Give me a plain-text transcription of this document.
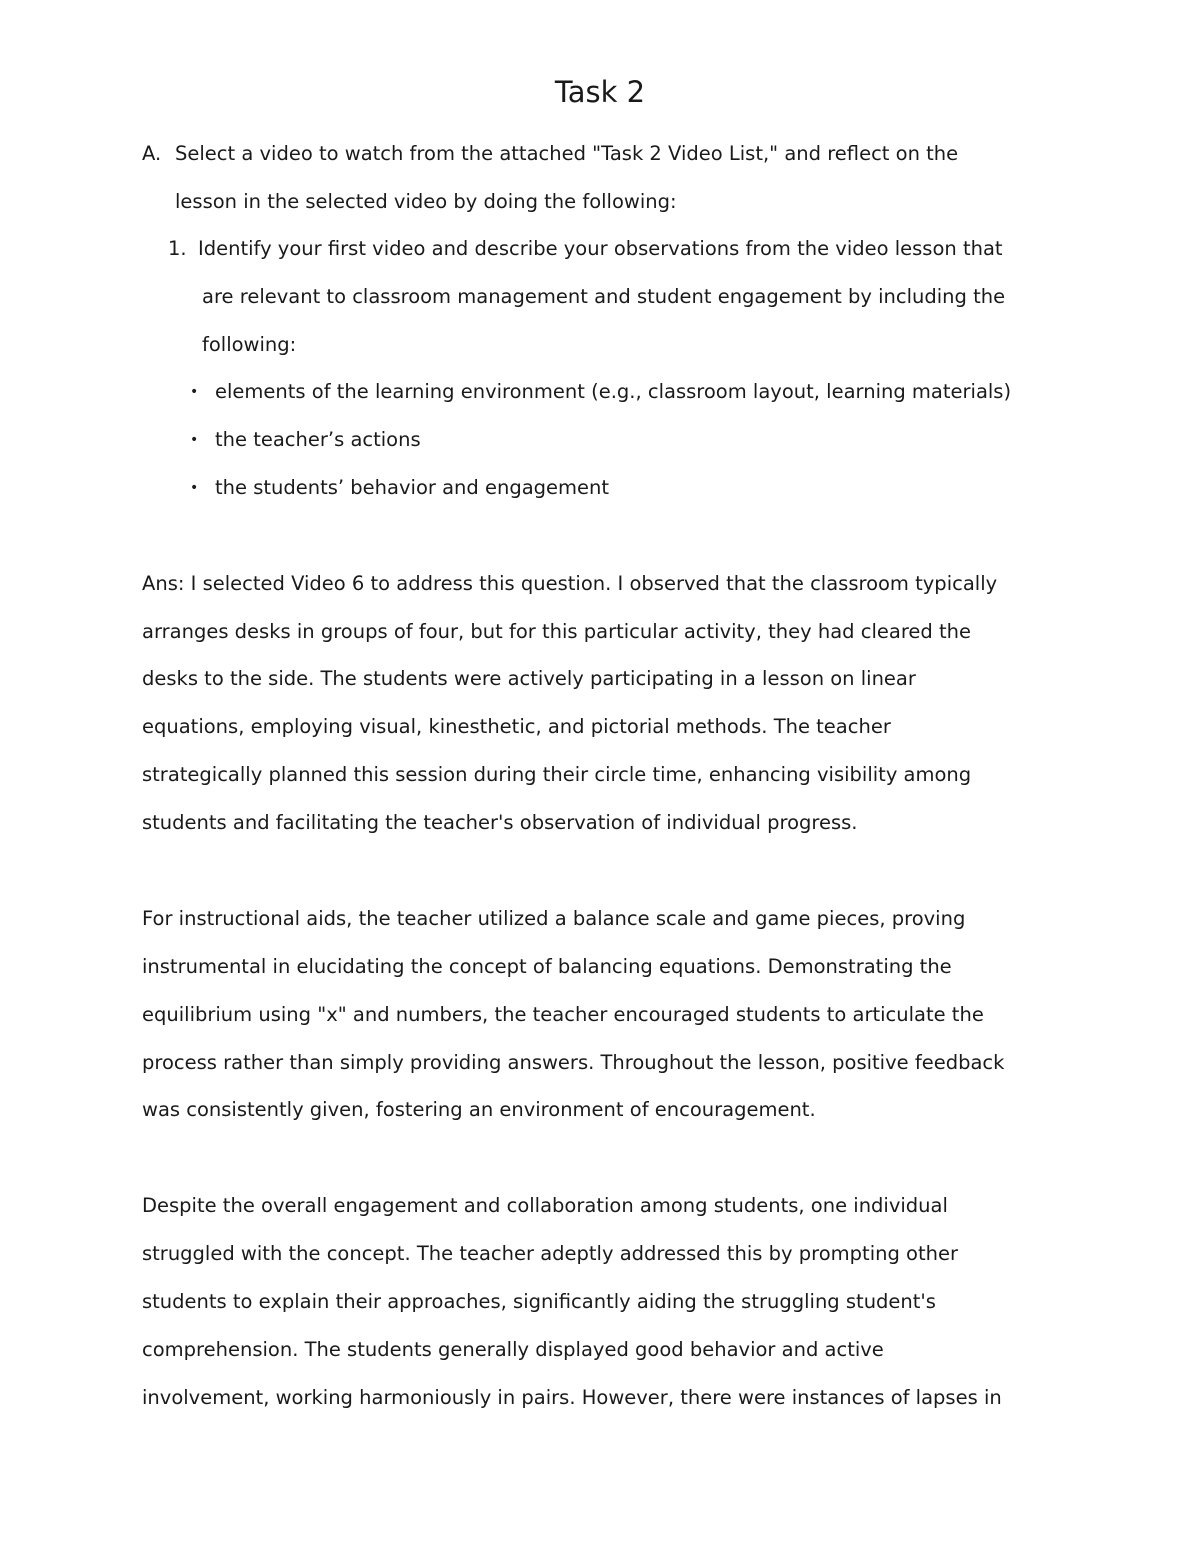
Task 2
A. Select a video to watch from the attached "Task 2 Video List," and reflect on the
lesson in the selected video by doing the following:
1. Identify your first video and describe your observations from the video lesson that
are relevant to classroom management and student engagement by including the
following:
• elements of the learning environment (e.g., classroom layout, learning materials)
• the teacher’s actions
• the students’ behavior and engagement
Ans: I selected Video 6 to address this question. I observed that the classroom typically
arranges desks in groups of four, but for this particular activity, they had cleared the
desks to the side. The students were actively participating in a lesson on linear
equations, employing visual, kinesthetic, and pictorial methods. The teacher
strategically planned this session during their circle time, enhancing visibility among
students and facilitating the teacher's observation of individual progress.
For instructional aids, the teacher utilized a balance scale and game pieces, proving
instrumental in elucidating the concept of balancing equations. Demonstrating the
equilibrium using "x" and numbers, the teacher encouraged students to articulate the
process rather than simply providing answers. Throughout the lesson, positive feedback
was consistently given, fostering an environment of encouragement.
Despite the overall engagement and collaboration among students, one individual
struggled with the concept. The teacher adeptly addressed this by prompting other
students to explain their approaches, significantly aiding the struggling student's
comprehension. The students generally displayed good behavior and active
involvement, working harmoniously in pairs. However, there were instances of lapses in
